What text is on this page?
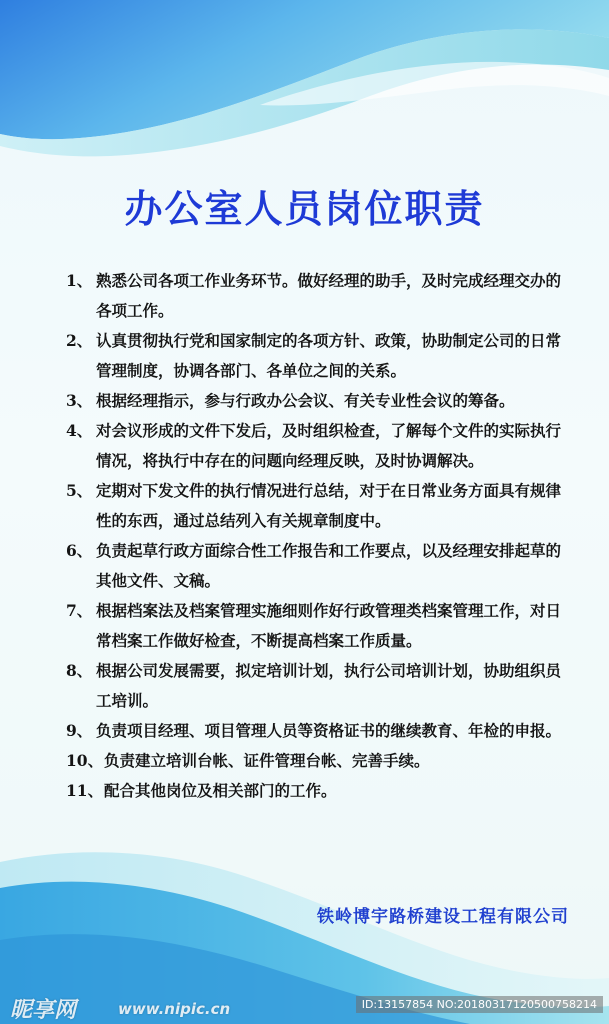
办公室人员岗位职责
1、 熟悉公司各项工作业务环节。做好经理的助手，及时完成经理交办的各项工作。
2、 认真贯彻执行党和国家制定的各项方针、政策，协助制定公司的日常管理制度，协调各部门、各单位之间的关系。
3、 根据经理指示，参与行政办公会议、有关专业性会议的筹备。
4、 对会议形成的文件下发后，及时组织检查，了解每个文件的实际执行情况，将执行中存在的问题向经理反映，及时协调解决。
5、 定期对下发文件的执行情况进行总结，对于在日常业务方面具有规律性的东西，通过总结列入有关规章制度中。
6、 负责起草行政方面综合性工作报告和工作要点，以及经理安排起草的其他文件、文稿。
7、 根据档案法及档案管理实施细则作好行政管理类档案管理工作，对日常档案工作做好检查，不断提高档案工作质量。
8、 根据公司发展需要，拟定培训计划，执行公司培训计划，协助组织员工培训。
9、 负责项目经理、项目管理人员等资格证书的继续教育、年检的申报。
10、 负责建立培训台帐、证件管理台帐、完善手续。
11、 配合其他岗位及相关部门的工作。
铁岭博宇路桥建设工程有限公司
昵享网	www.nipic.cn	ID:13157854 NO:20180317120500758214
